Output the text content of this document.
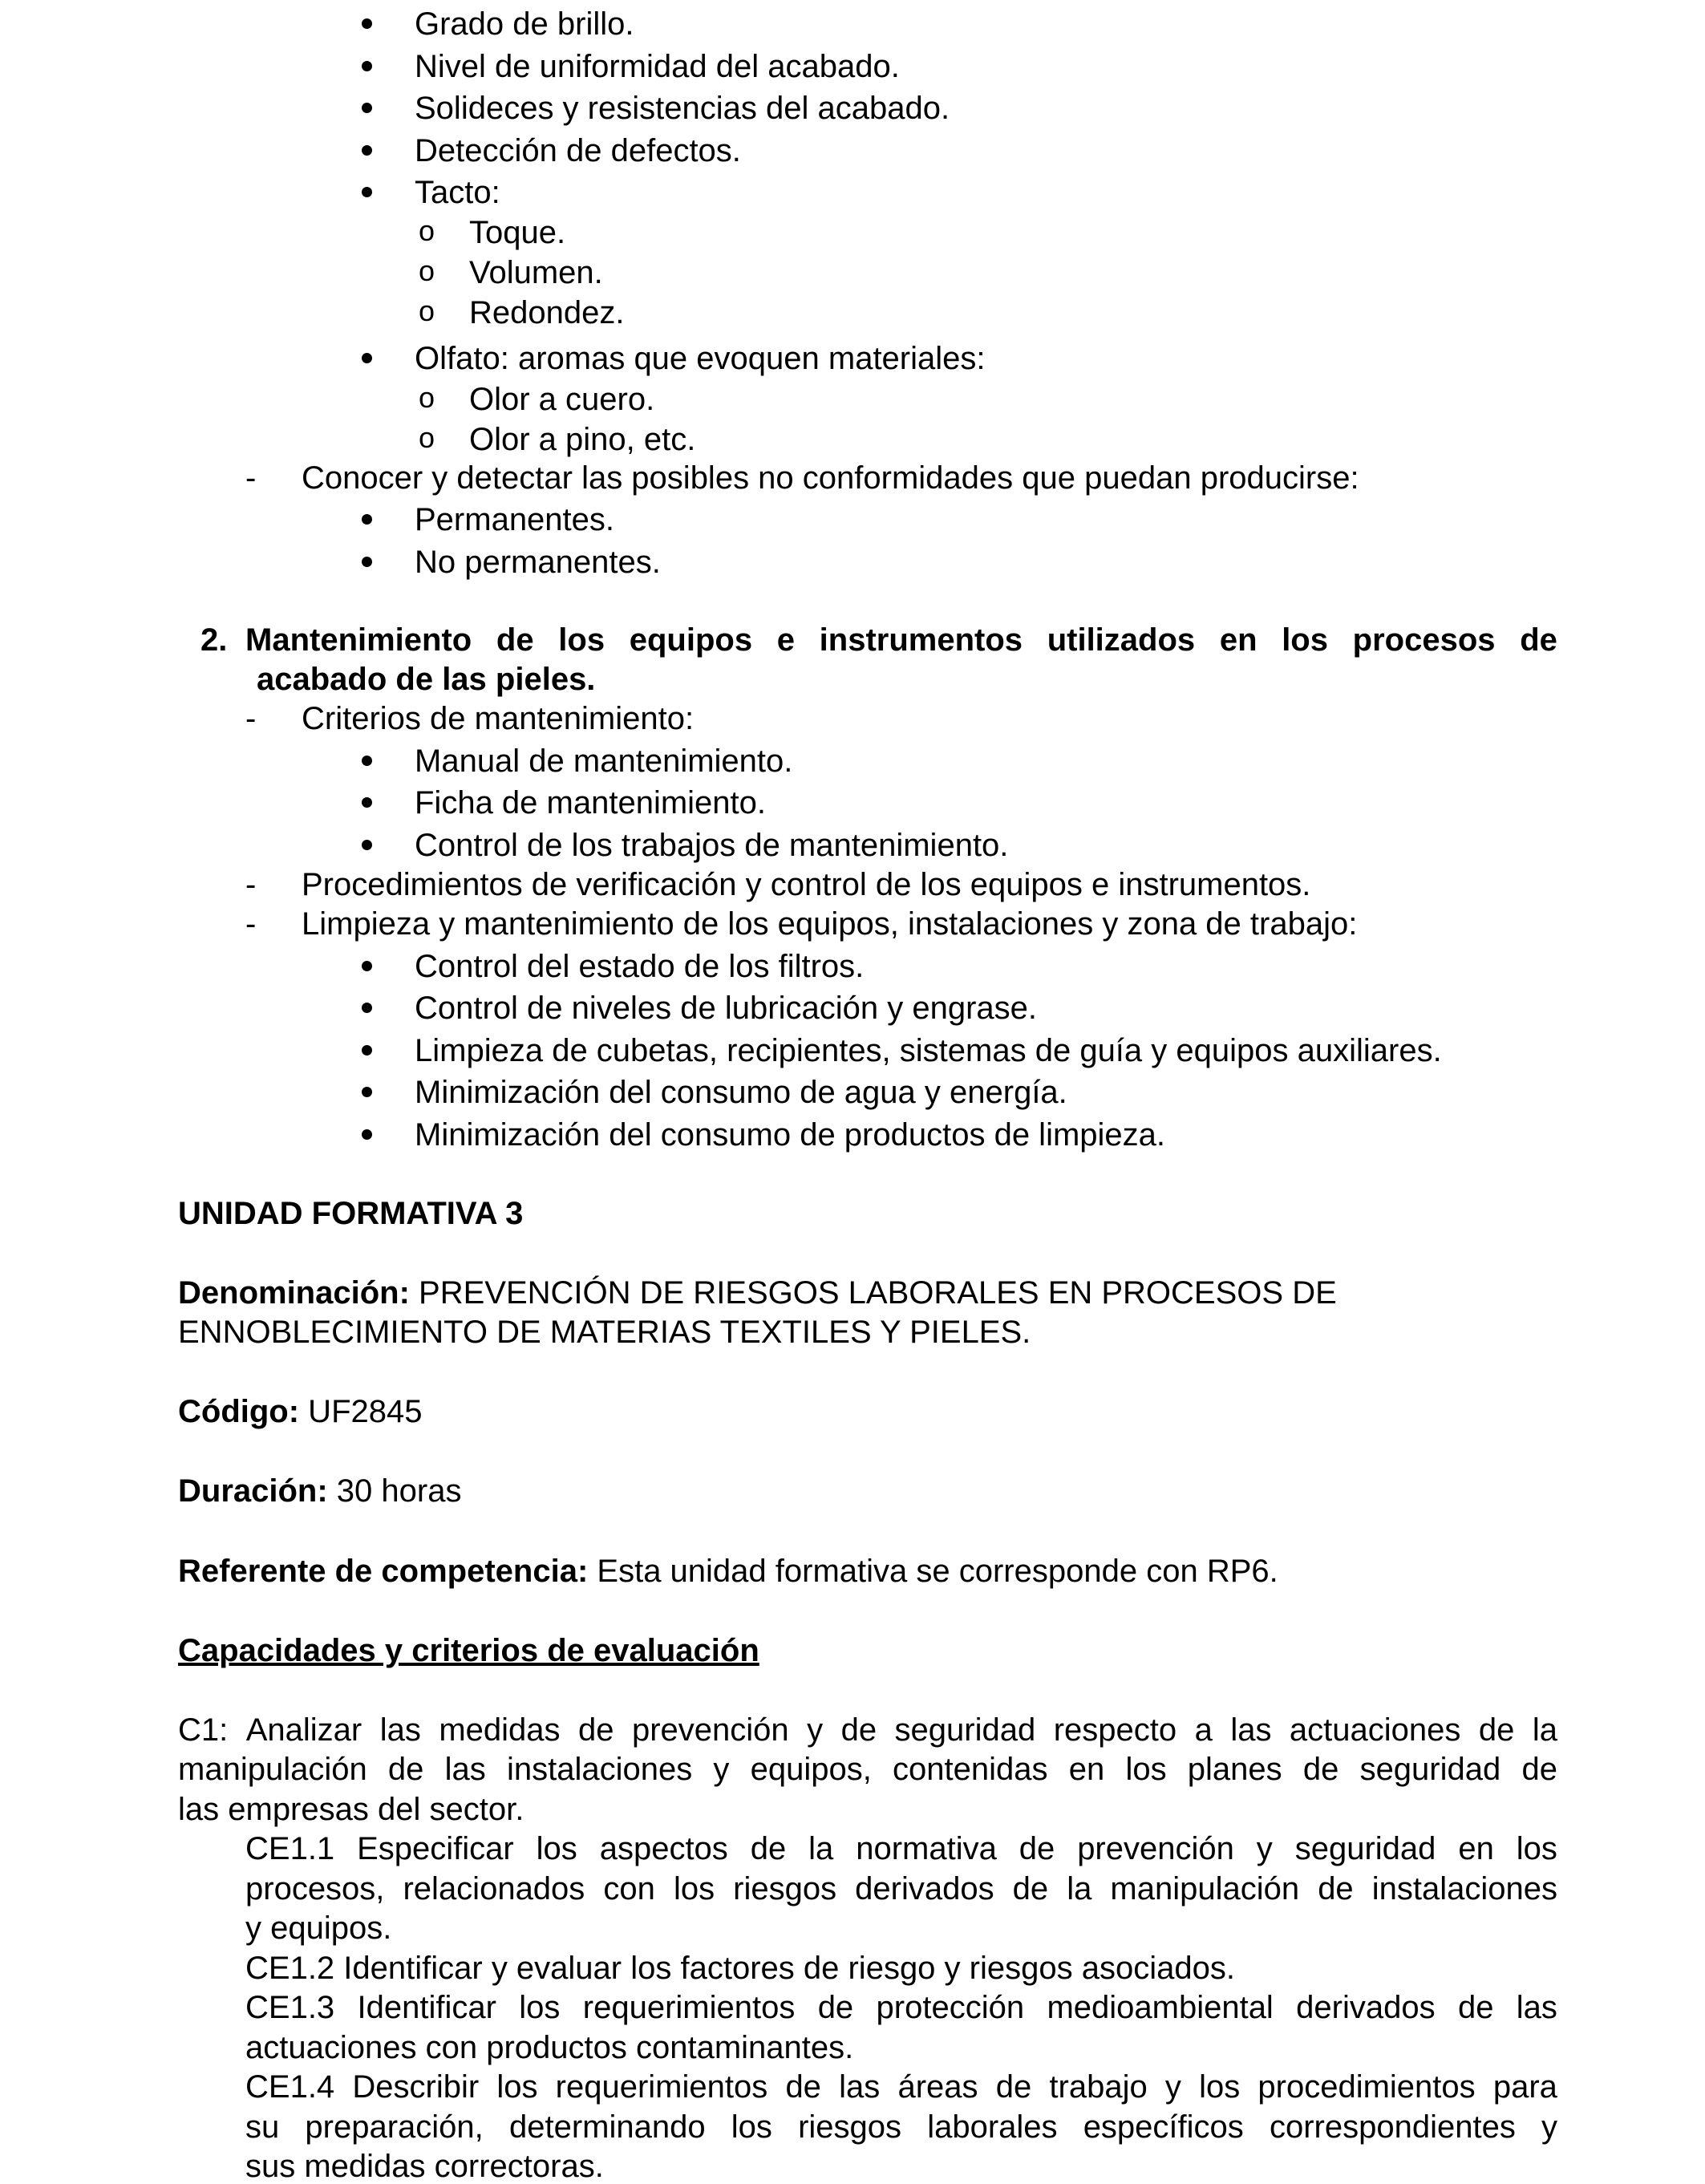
Grado de brillo.
Nivel de uniformidad del acabado.
Solideces y resistencias del acabado.
Detección de defectos.
Tacto:
o Toque.
o Volumen.
o Redondez.
Olfato: aromas que evoquen materiales:
o Olor a cuero.
o Olor a pino, etc.
- Conocer y detectar las posibles no conformidades que puedan producirse:
Permanentes.
No permanentes.
2. Mantenimiento de los equipos e instrumentos utilizados en los procesos de
acabado de las pieles.
- Criterios de mantenimiento:
Manual de mantenimiento.
Ficha de mantenimiento.
Control de los trabajos de mantenimiento.
- Procedimientos de verificación y control de los equipos e instrumentos.
- Limpieza y mantenimiento de los equipos, instalaciones y zona de trabajo:
Control del estado de los filtros.
Control de niveles de lubricación y engrase.
Limpieza de cubetas, recipientes, sistemas de guía y equipos auxiliares.
Minimización del consumo de agua y energía.
Minimización del consumo de productos de limpieza.
UNIDAD FORMATIVA 3
Denominación: PREVENCIÓN DE RIESGOS LABORALES EN PROCESOS DE
ENNOBLECIMIENTO DE MATERIAS TEXTILES Y PIELES.
Código: UF2845
Duración: 30 horas
Referente de competencia: Esta unidad formativa se corresponde con RP6.
Capacidades y criterios de evaluación
C1: Analizar las medidas de prevención y de seguridad respecto a las actuaciones de la
manipulación de las instalaciones y equipos, contenidas en los planes de seguridad de
las empresas del sector.
CE1.1 Especificar los aspectos de la normativa de prevención y seguridad en los
procesos, relacionados con los riesgos derivados de la manipulación de instalaciones
y equipos.
CE1.2 Identificar y evaluar los factores de riesgo y riesgos asociados.
CE1.3 Identificar los requerimientos de protección medioambiental derivados de las
actuaciones con productos contaminantes.
CE1.4 Describir los requerimientos de las áreas de trabajo y los procedimientos para
su preparación, determinando los riesgos laborales específicos correspondientes y
sus medidas correctoras.
